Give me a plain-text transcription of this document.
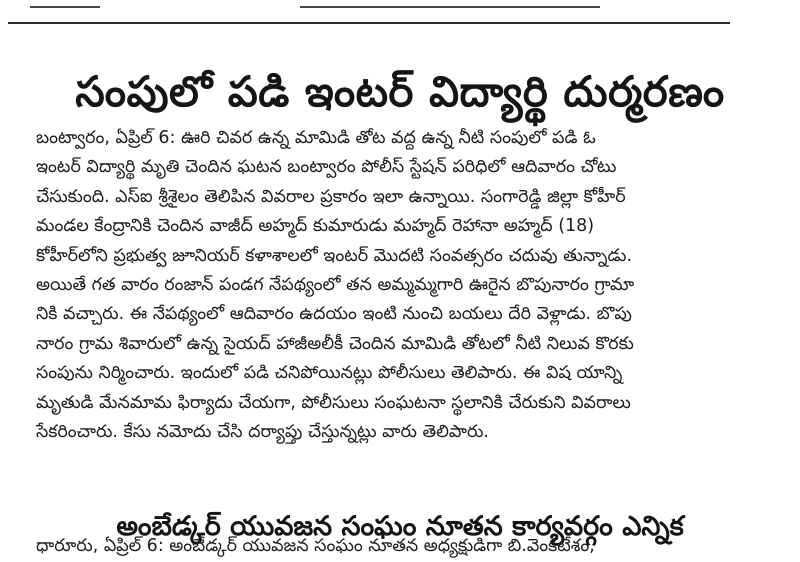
సంపులో పడి ఇంటర్ విద్యార్థి దుర్మరణం
బంట్వారం, ఏప్రిల్ 6: ఊరి చివర ఉన్న మామిడి తోట వద్ద ఉన్న నీటి సంపులో పడి ఓ
ఇంటర్ విద్యార్థి మృతి చెందిన ఘటన బంట్వారం పోలీస్ స్టేషన్ పరిధిలో ఆదివారం చోటు
చేసుకుంది. ఎస్ఐ శ్రీశైలం తెలిపిన వివరాల ప్రకారం ఇలా ఉన్నాయి. సంగారెడ్డి జిల్లా కోహీర్
మండల కేంద్రానికి చెందిన వాజీద్ అహ్మద్ కుమారుడు మహ్మద్ రెహానా అహ్మద్ (18)
కోహీర్‌లోని ప్రభుత్వ జూనియర్ కళాశాలలో ఇంటర్ మొదటి సంవత్సరం చదువు తున్నాడు.
అయితే గత వారం రంజాన్ పండగ నేపథ్యంలో తన అమ్మమ్మగారి ఊరైన బొపునారం గ్రామా
నికి వచ్చారు. ఈ నేపథ్యంలో ఆదివారం ఉదయం ఇంటి నుంచి బయలు దేరి వెళ్లాడు. బొపు
నారం గ్రామ శివారులో ఉన్న సైయద్ హాజీఅలీకీ చెందిన మామిడి తోటలో నీటి నిలువ కొరకు
సంపును నిర్మించారు. ఇందులో పడి చనిపోయినట్లు పోలీసులు తెలిపారు. ఈ విష యాన్ని
మృతుడి మేనమామ ఫిర్యాదు చేయగా, పోలీసులు సంఘటనా స్థలానికి చేరుకుని వివరాలు
సేకరించారు. కేసు నమోదు చేసి దర్యాప్తు చేస్తున్నట్లు వారు తెలిపారు.
అంబేడ్కర్ యువజన సంఘం నూతన కార్యవర్గం ఎన్నిక
ధారూరు, ఏప్రిల్ 6: అంబేడ్కర్ యువజన సంఘం నూతన అధ్యక్షుడిగా బి.వెంకటేశం,
